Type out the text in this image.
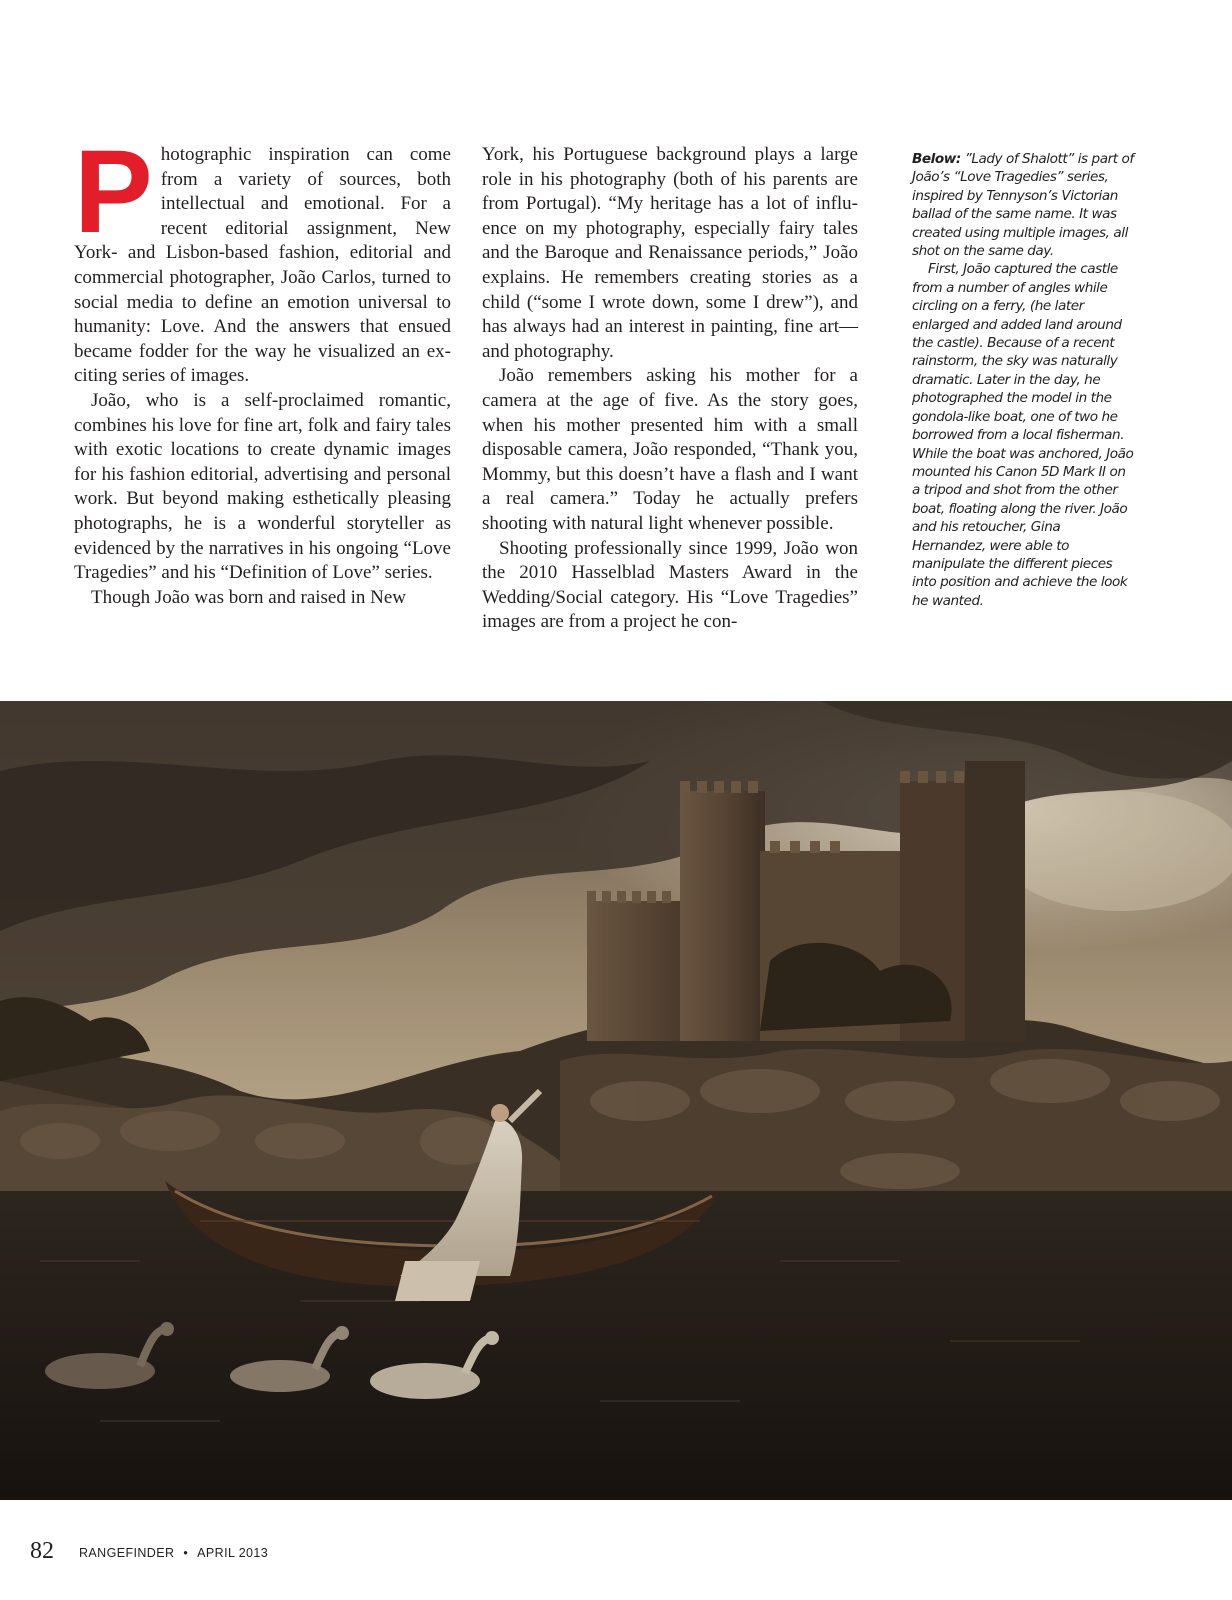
P hotographic inspiration can come from a variety of sources, both intellectual and emotional. For a recent editorial assignment, New York- and Lisbon-based fashion, editorial and commercial photographer, João Carlos, turned to social media to define an emotion universal to humanity: Love. And the answers that ensued became fodder for the way he visualized an exciting series of images.

João, who is a self-proclaimed romantic, combines his love for fine art, folk and fairy tales with exotic locations to create dynamic images for his fashion editorial, advertising and personal work. But beyond making esthetically pleasing photographs, he is a wonderful storyteller as evidenced by the narratives in his ongoing “Love Tragedies” and his “Definition of Love” series.

Though João was born and raised in New

York, his Portuguese background plays a large role in his photography (both of his parents are from Portugal). “My heritage has a lot of influence on my photography, especially fairy tales and the Baroque and Renaissance periods,” João explains. He remembers creating stories as a child (“some I wrote down, some I drew”), and has always had an interest in painting, fine art—and photography.

João remembers asking his mother for a camera at the age of five. As the story goes, when his mother presented him with a small disposable camera, João responded, “Thank you, Mommy, but this doesn’t have a flash and I want a real camera.” Today he actually prefers shooting with natural light whenever possible.

Shooting professionally since 1999, João won the 2010 Hasselblad Masters Award in the Wedding/Social category. His “Love Tragedies” images are from a project he con-

Below: ”Lady of Shalott” is part of João’s “Love Tragedies” series, inspired by Tennyson’s Victorian ballad of the same name. It was created using multiple images, all shot on the same day.

First, João captured the castle from a number of angles while circling on a ferry, (he later enlarged and added land around the castle). Because of a recent rainstorm, the sky was naturally dramatic. Later in the day, he photographed the model in the gondola-like boat, one of two he borrowed from a local fisherman. While the boat was anchored, João mounted his Canon 5D Mark II on a tripod and shot from the other boat, floating along the river. João and his retoucher, Gina Hernandez, were able to manipulate the different pieces into position and achieve the look he wanted.

82 RANGEFINDER • APRIL 2013
